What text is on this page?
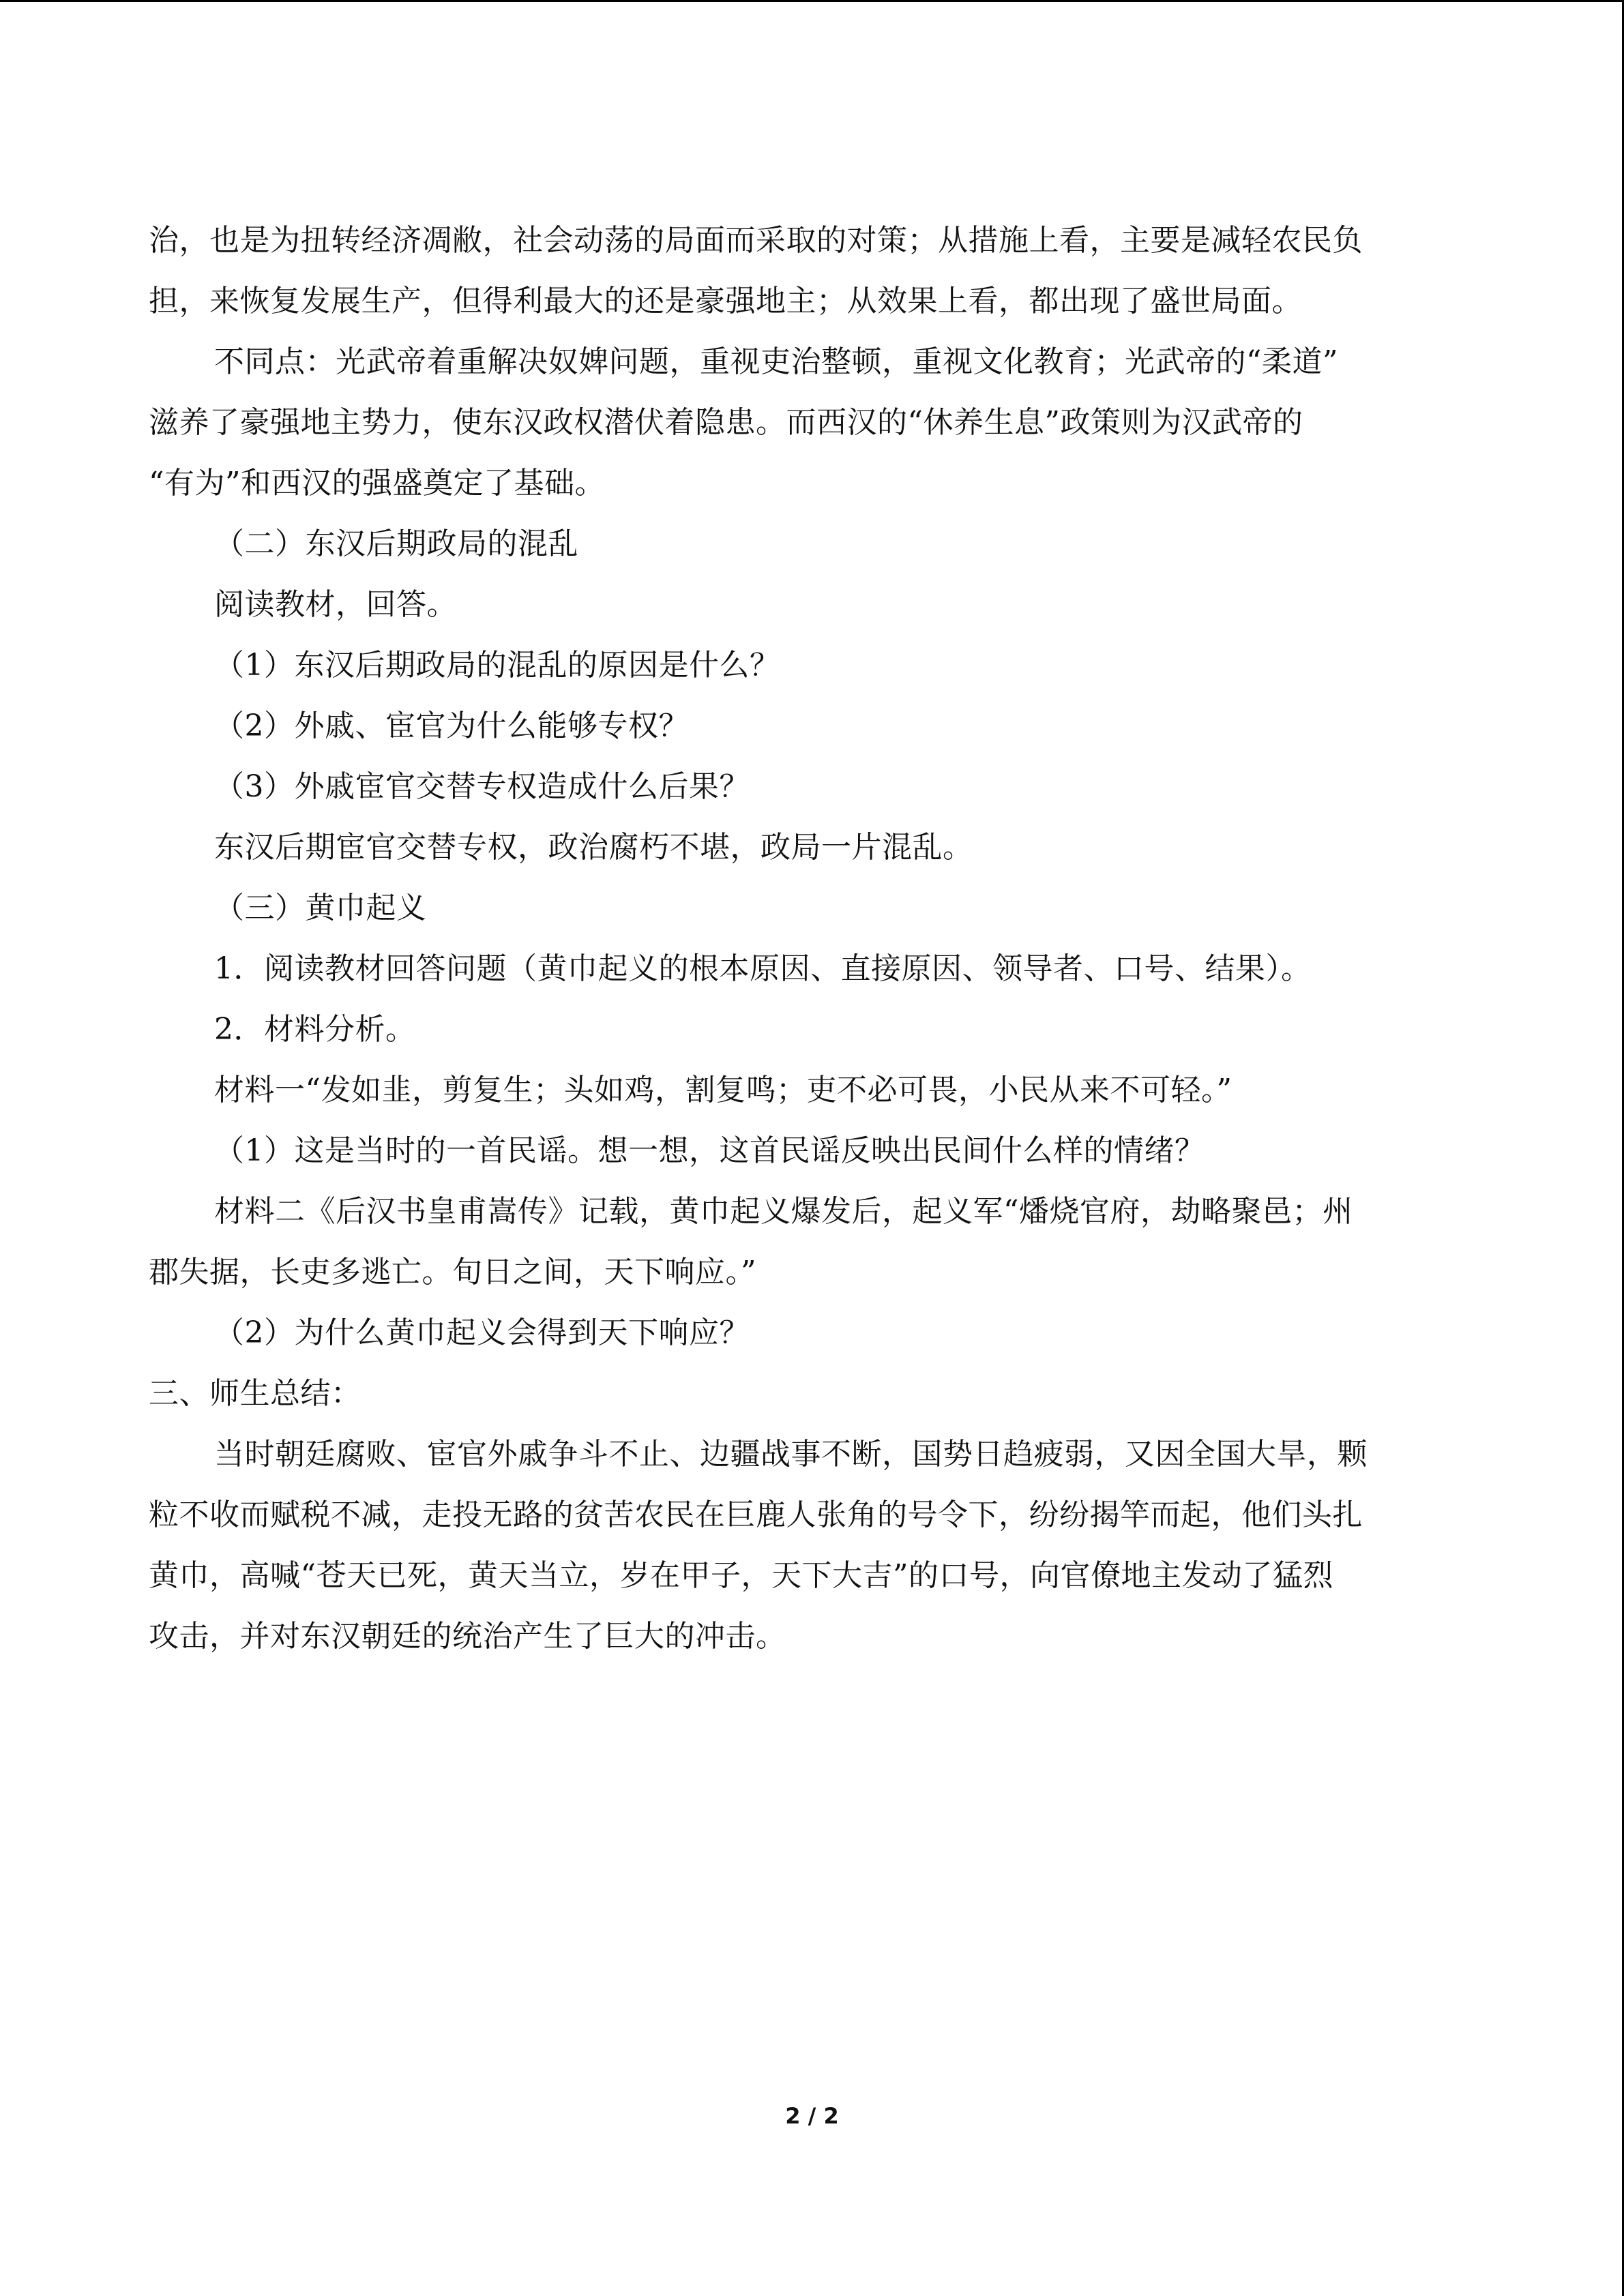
治，也是为扭转经济凋敝，社会动荡的局面而采取的对策；从措施上看，主要是减轻农民负
担，来恢复发展生产，但得利最大的还是豪强地主；从效果上看，都出现了盛世局面。
不同点：光武帝着重解决奴婢问题，重视吏治整顿，重视文化教育；光武帝的“柔道”
滋养了豪强地主势力，使东汉政权潜伏着隐患。而西汉的“休养生息”政策则为汉武帝的
“有为”和西汉的强盛奠定了基础。
（二）东汉后期政局的混乱
阅读教材，回答。
（1）东汉后期政局的混乱的原因是什么？
（2）外戚、宦官为什么能够专权？
（3）外戚宦官交替专权造成什么后果？
东汉后期宦官交替专权，政治腐朽不堪，政局一片混乱。
（三）黄巾起义
1．阅读教材回答问题（黄巾起义的根本原因、直接原因、领导者、口号、结果）。
2．材料分析。
材料一“发如韭，剪复生；头如鸡，割复鸣；吏不必可畏，小民从来不可轻。”
（1）这是当时的一首民谣。想一想，这首民谣反映出民间什么样的情绪？
材料二《后汉书皇甫嵩传》记载，黄巾起义爆发后，起义军“燔烧官府，劫略聚邑；州
郡失据，长吏多逃亡。旬日之间，天下响应。”
（2）为什么黄巾起义会得到天下响应？
三、师生总结：
当时朝廷腐败、宦官外戚争斗不止、边疆战事不断，国势日趋疲弱，又因全国大旱，颗
粒不收而赋税不减，走投无路的贫苦农民在巨鹿人张角的号令下，纷纷揭竿而起，他们头扎
黄巾，高喊“苍天已死，黄天当立，岁在甲子，天下大吉”的口号，向官僚地主发动了猛烈
攻击，并对东汉朝廷的统治产生了巨大的冲击。
2 / 2
